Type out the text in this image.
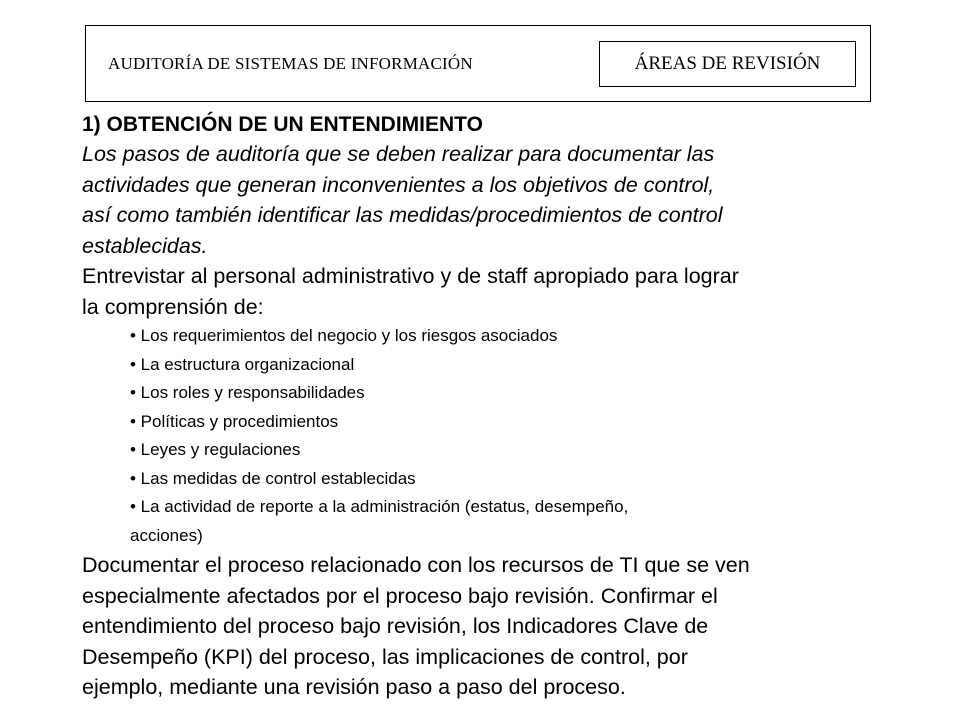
AUDITORÍA DE SISTEMAS DE INFORMACIÓN	ÁREAS DE REVISIÓN

1) OBTENCIÓN DE UN ENTENDIMIENTO

Los pasos de auditoría que se deben realizar para documentar las
actividades que generan inconvenientes a los objetivos de control,
así como también identificar las medidas/procedimientos de control
establecidas.
Entrevistar al personal administrativo y de staff apropiado para lograr
la comprensión de:
• Los requerimientos del negocio y los riesgos asociados
• La estructura organizacional
• Los roles y responsabilidades
• Políticas y procedimientos
• Leyes y regulaciones
• Las medidas de control establecidas
• La actividad de reporte a la administración (estatus, desempeño,
acciones)
Documentar el proceso relacionado con los recursos de TI que se ven
especialmente afectados por el proceso bajo revisión. Confirmar el
entendimiento del proceso bajo revisión, los Indicadores Clave de
Desempeño (KPI) del proceso, las implicaciones de control, por
ejemplo, mediante una revisión paso a paso del proceso.
